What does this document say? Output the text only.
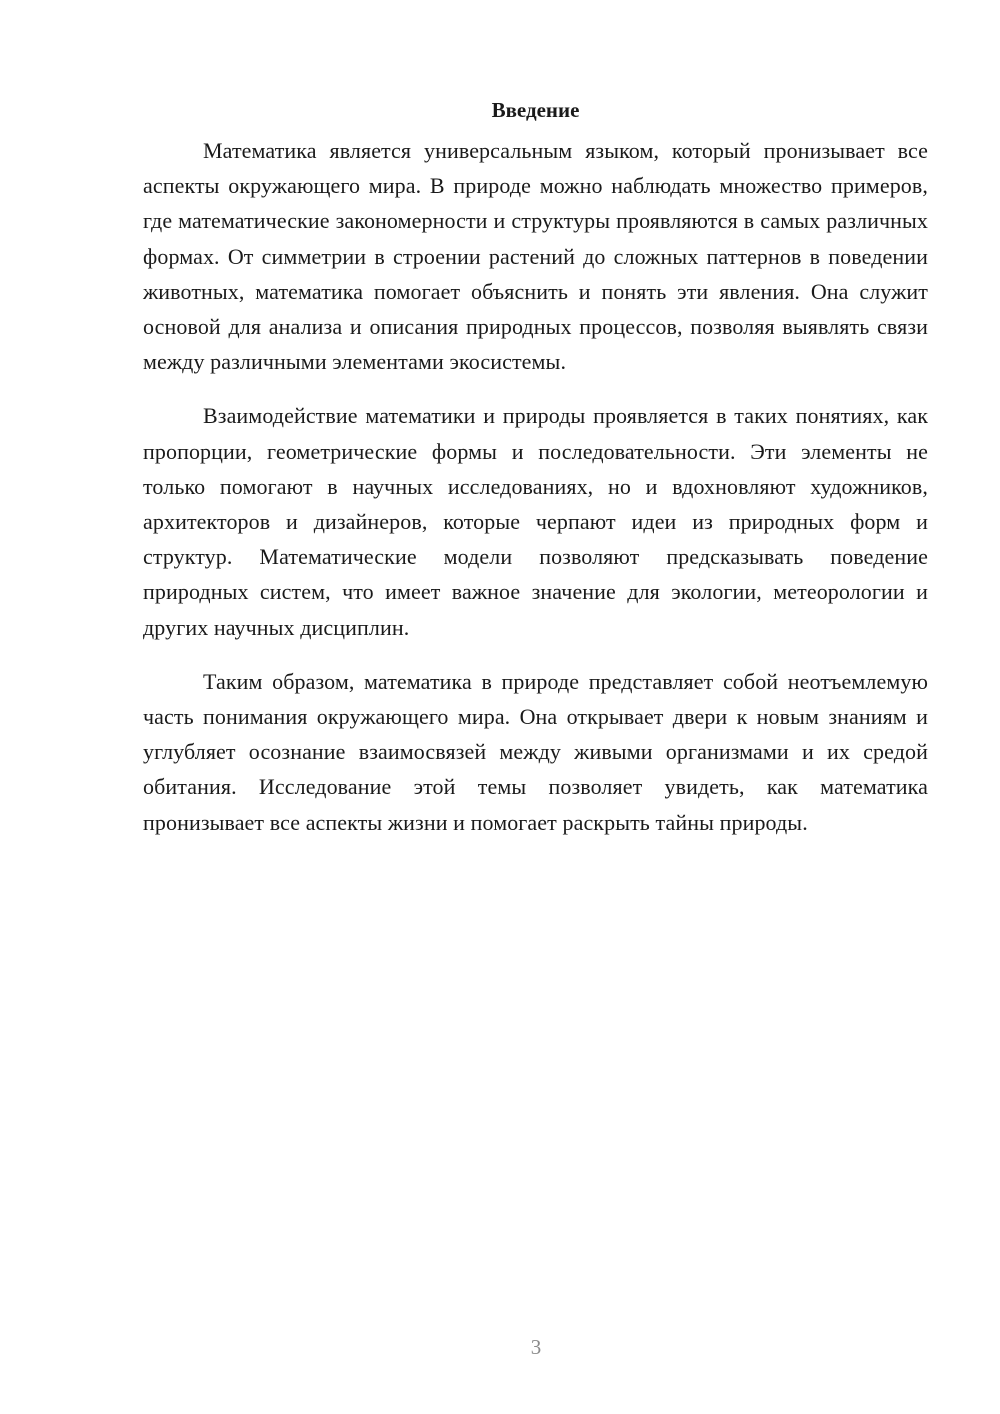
Введение

Математика является универсальным языком, который пронизывает все аспекты окружающего мира. В природе можно наблюдать множество примеров, где математические закономерности и структуры проявляются в самых различных формах. От симметрии в строении растений до сложных паттернов в поведении животных, математика помогает объяснить и понять эти явления. Она служит основой для анализа и описания природных процессов, позволяя выявлять связи между различными элементами экосистемы.

Взаимодействие математики и природы проявляется в таких понятиях, как пропорции, геометрические формы и последовательности. Эти элементы не только помогают в научных исследованиях, но и вдохновляют художников, архитекторов и дизайнеров, которые черпают идеи из природных форм и структур. Математические модели позволяют предсказывать поведение природных систем, что имеет важное значение для экологии, метеорологии и других научных дисциплин.

Таким образом, математика в природе представляет собой неотъемлемую часть понимания окружающего мира. Она открывает двери к новым знаниям и углубляет осознание взаимосвязей между живыми организмами и их средой обитания. Исследование этой темы позволяет увидеть, как математика пронизывает все аспекты жизни и помогает раскрыть тайны природы.

3
